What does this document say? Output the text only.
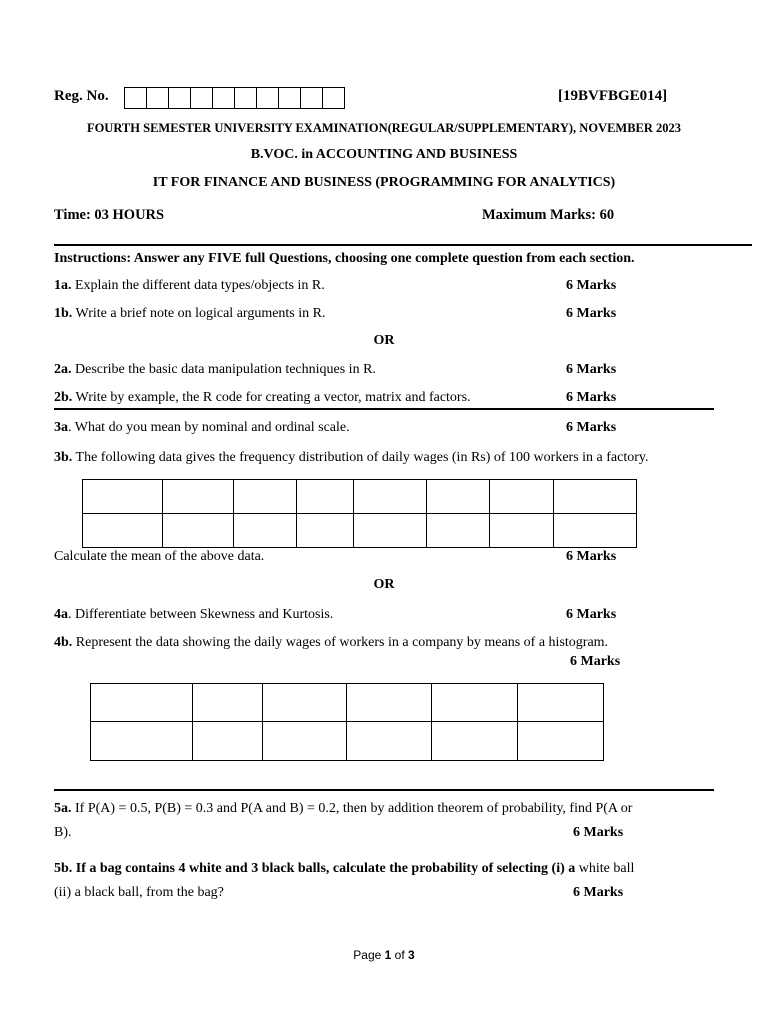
Reg. No.	[19BVFBGE014]
FOURTH SEMESTER UNIVERSITY EXAMINATION(REGULAR/SUPPLEMENTARY), NOVEMBER 2023
B.VOC. in ACCOUNTING AND BUSINESS
IT FOR FINANCE AND BUSINESS (PROGRAMMING FOR ANALYTICS)
Time: 03 HOURS	Maximum Marks: 60
Instructions: Answer any FIVE full Questions, choosing one complete question from each section.
1a. Explain the different data types/objects in R.	6 Marks
1b. Write a brief note on logical arguments in R.	6 Marks
OR
2a. Describe the basic data manipulation techniques in R.	6 Marks
2b. Write by example, the R code for creating a vector, matrix and factors.	6 Marks
3a. What do you mean by nominal and ordinal scale.	6 Marks
3b. The following data gives the frequency distribution of daily wages (in Rs) of 100 workers in a factory.

Calculate the mean of the above data.	6 Marks
OR
4a. Differentiate between Skewness and Kurtosis.	6 Marks
4b. Represent the data showing the daily wages of workers in a company by means of a histogram.
6 Marks

5a. If P(A) = 0.5, P(B) = 0.3 and P(A and B) = 0.2, then by addition theorem of probability, find P(A or
B).	6 Marks
5b. If a bag contains 4 white and 3 black balls, calculate the probability of selecting (i) a white ball
(ii) a black ball, from the bag?	6 Marks
Page 1 of 3
